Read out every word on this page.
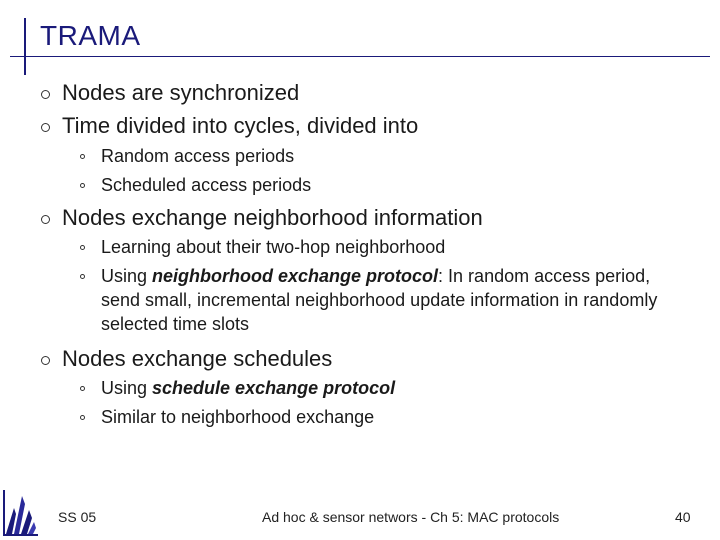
TRAMA
Nodes are synchronized
Time divided into cycles, divided into
Random access periods
Scheduled access periods
Nodes exchange neighborhood information
Learning about their two-hop neighborhood
Using neighborhood exchange protocol: In random access period, send small, incremental neighborhood update information in randomly selected time slots
Nodes exchange schedules
Using schedule exchange protocol
Similar to neighborhood exchange
SS 05	Ad hoc & sensor networs - Ch 5: MAC protocols	40
